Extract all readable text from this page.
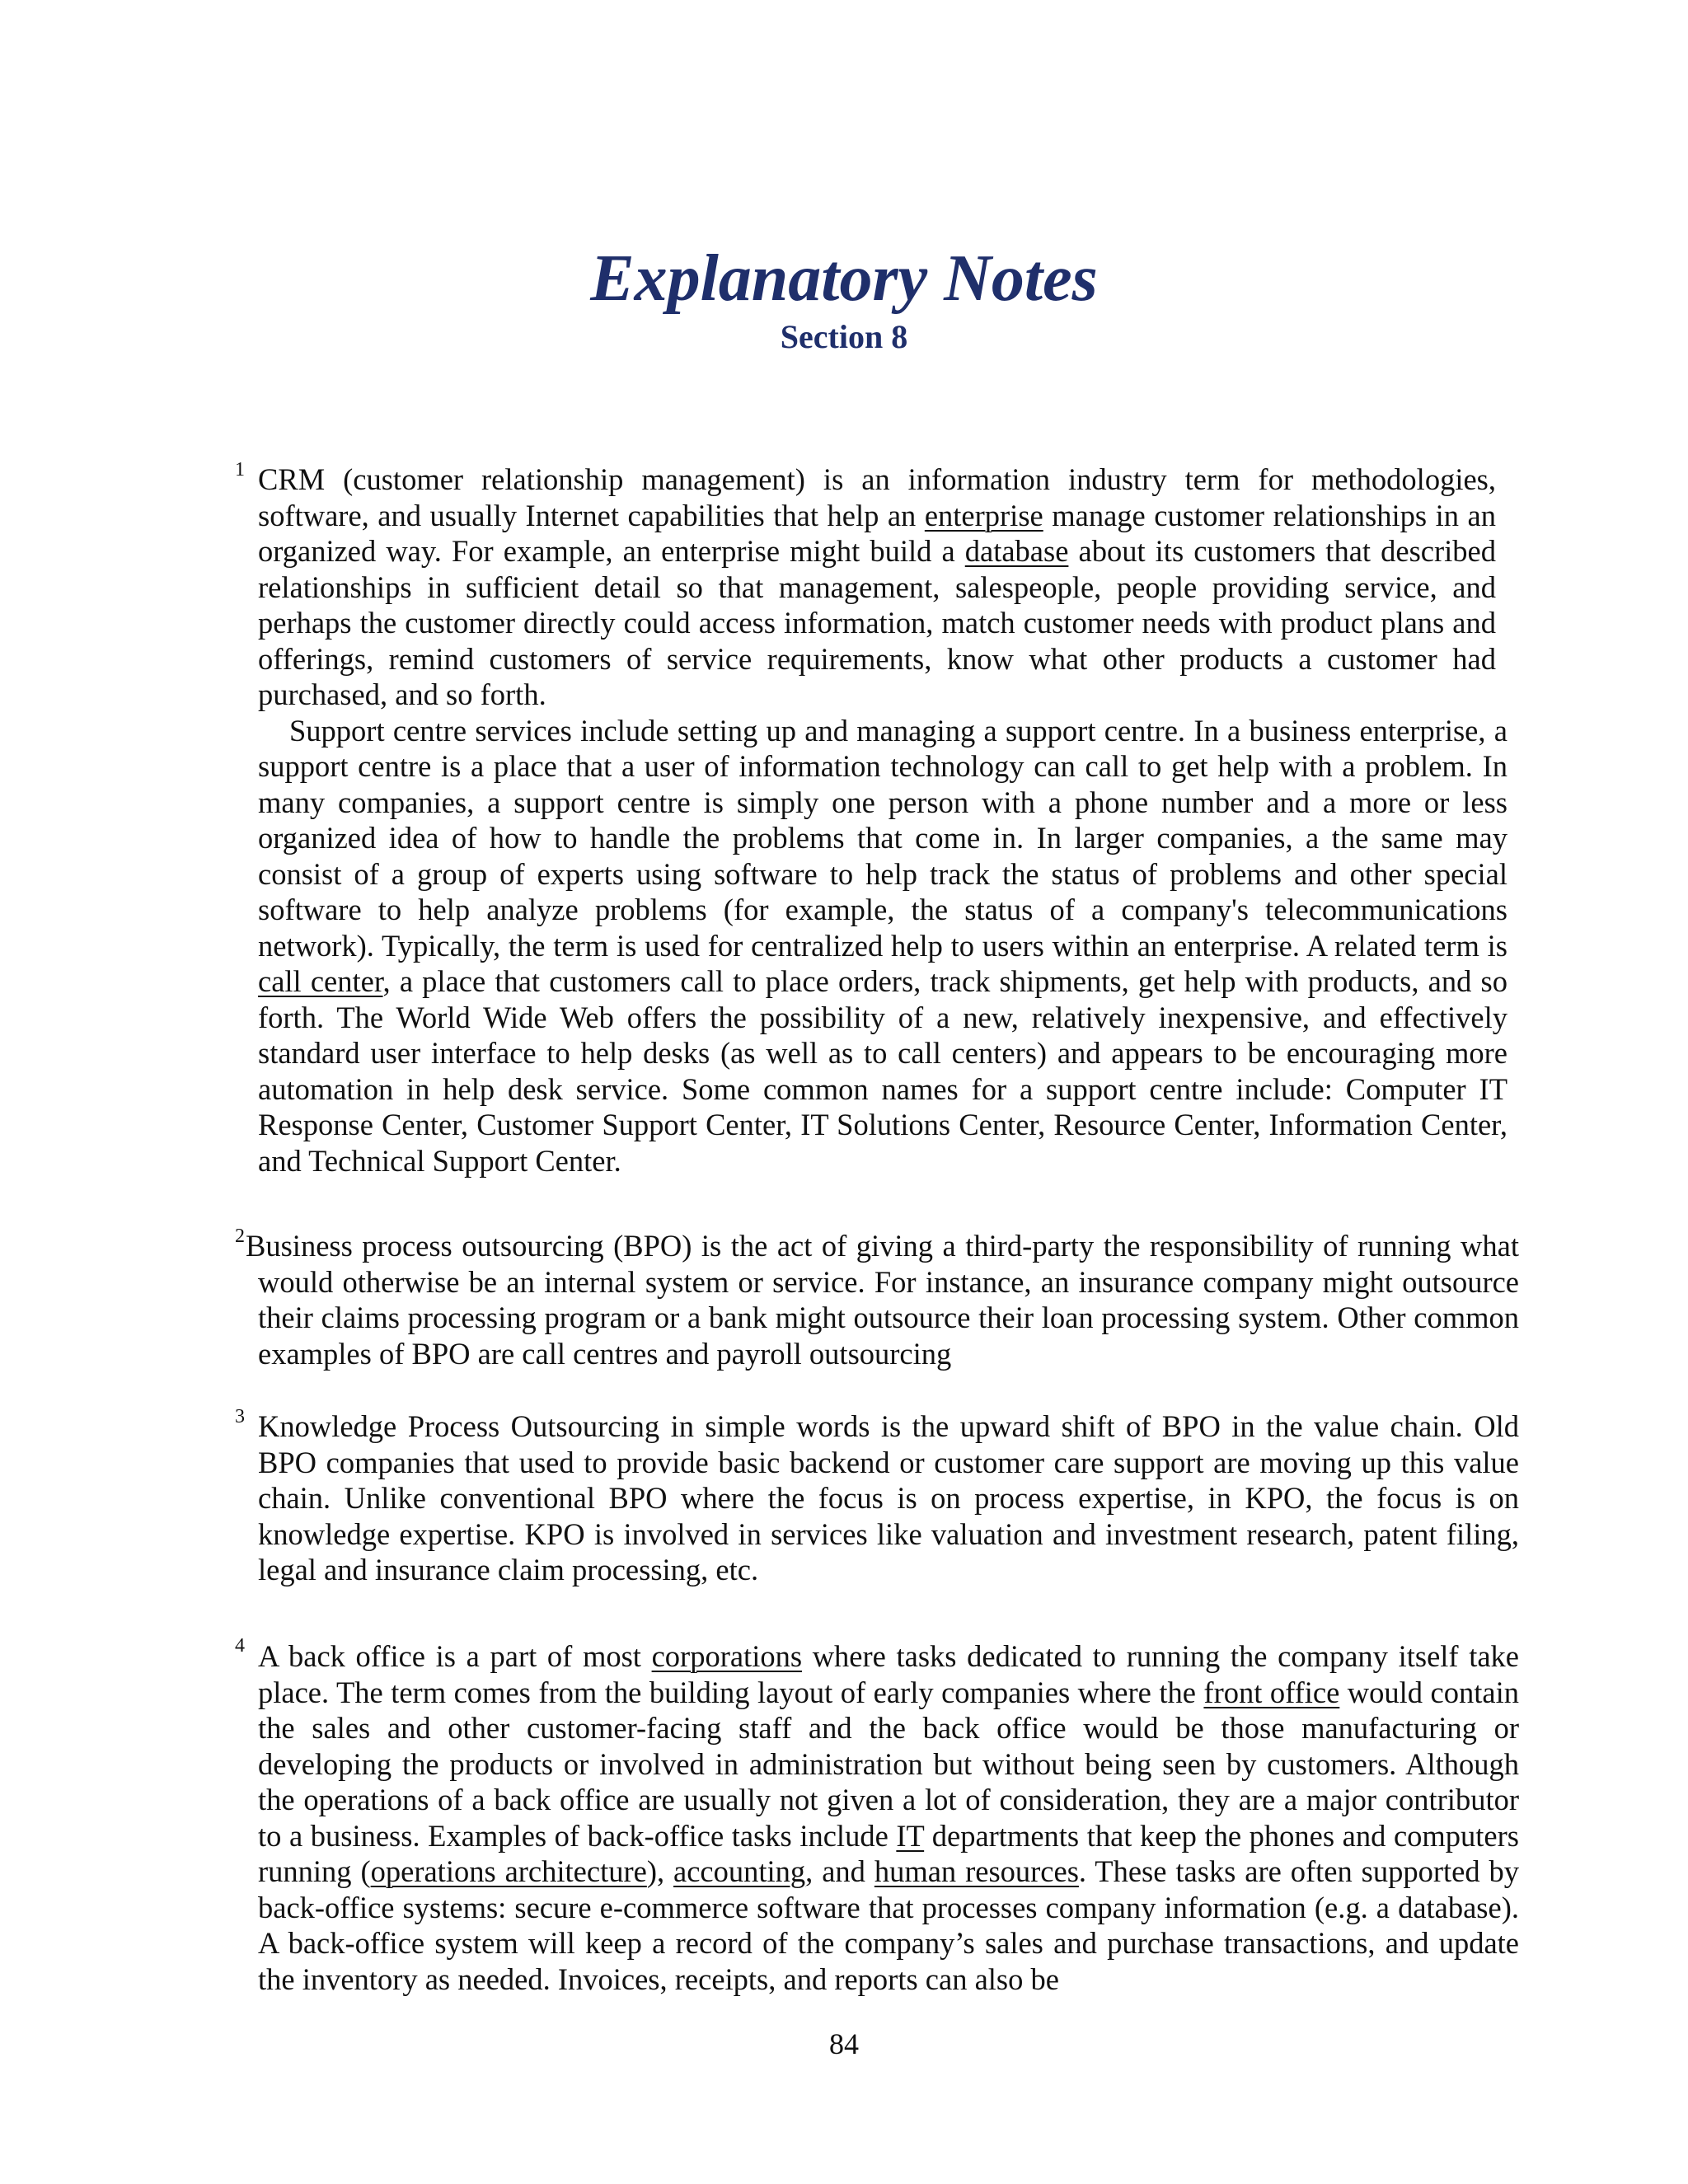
Explanatory Notes
Section 8
1 CRM (customer relationship management) is an information industry term for methodologies, software, and usually Internet capabilities that help an enterprise manage customer relationships in an organized way. For example, an enterprise might build a database about its customers that described relationships in sufficient detail so that management, salespeople, people providing service, and perhaps the customer directly could access information, match customer needs with product plans and offerings, remind customers of service requirements, know what other products a customer had purchased, and so forth.

Support centre services include setting up and managing a support centre. In a business enterprise, a support centre is a place that a user of information technology can call to get help with a problem. In many companies, a support centre is simply one person with a phone number and a more or less organized idea of how to handle the problems that come in. In larger companies, a the same may consist of a group of experts using software to help track the status of problems and other special software to help analyze problems (for example, the status of a company's telecommunications network). Typically, the term is used for centralized help to users within an enterprise. A related term is call center, a place that customers call to place orders, track shipments, get help with products, and so forth. The World Wide Web offers the possibility of a new, relatively inexpensive, and effectively standard user interface to help desks (as well as to call centers) and appears to be encouraging more automation in help desk service. Some common names for a support centre include: Computer IT Response Center, Customer Support Center, IT Solutions Center, Resource Center, Information Center, and Technical Support Center.

2 Business process outsourcing (BPO) is the act of giving a third-party the responsibility of running what would otherwise be an internal system or service. For instance, an insurance company might outsource their claims processing program or a bank might outsource their loan processing system. Other common examples of BPO are call centres and payroll outsourcing

3 Knowledge Process Outsourcing in simple words is the upward shift of BPO in the value chain. Old BPO companies that used to provide basic backend or customer care support are moving up this value chain. Unlike conventional BPO where the focus is on process expertise, in KPO, the focus is on knowledge expertise. KPO is involved in services like valuation and investment research, patent filing, legal and insurance claim processing, etc.

4 A back office is a part of most corporations where tasks dedicated to running the company itself take place. The term comes from the building layout of early companies where the front office would contain the sales and other customer-facing staff and the back office would be those manufacturing or developing the products or involved in administration but without being seen by customers. Although the operations of a back office are usually not given a lot of consideration, they are a major contributor to a business. Examples of back-office tasks include IT departments that keep the phones and computers running (operations architecture), accounting, and human resources. These tasks are often supported by back-office systems: secure e-commerce software that processes company information (e.g. a database). A back-office system will keep a record of the company’s sales and purchase transactions, and update the inventory as needed. Invoices, receipts, and reports can also be

84
